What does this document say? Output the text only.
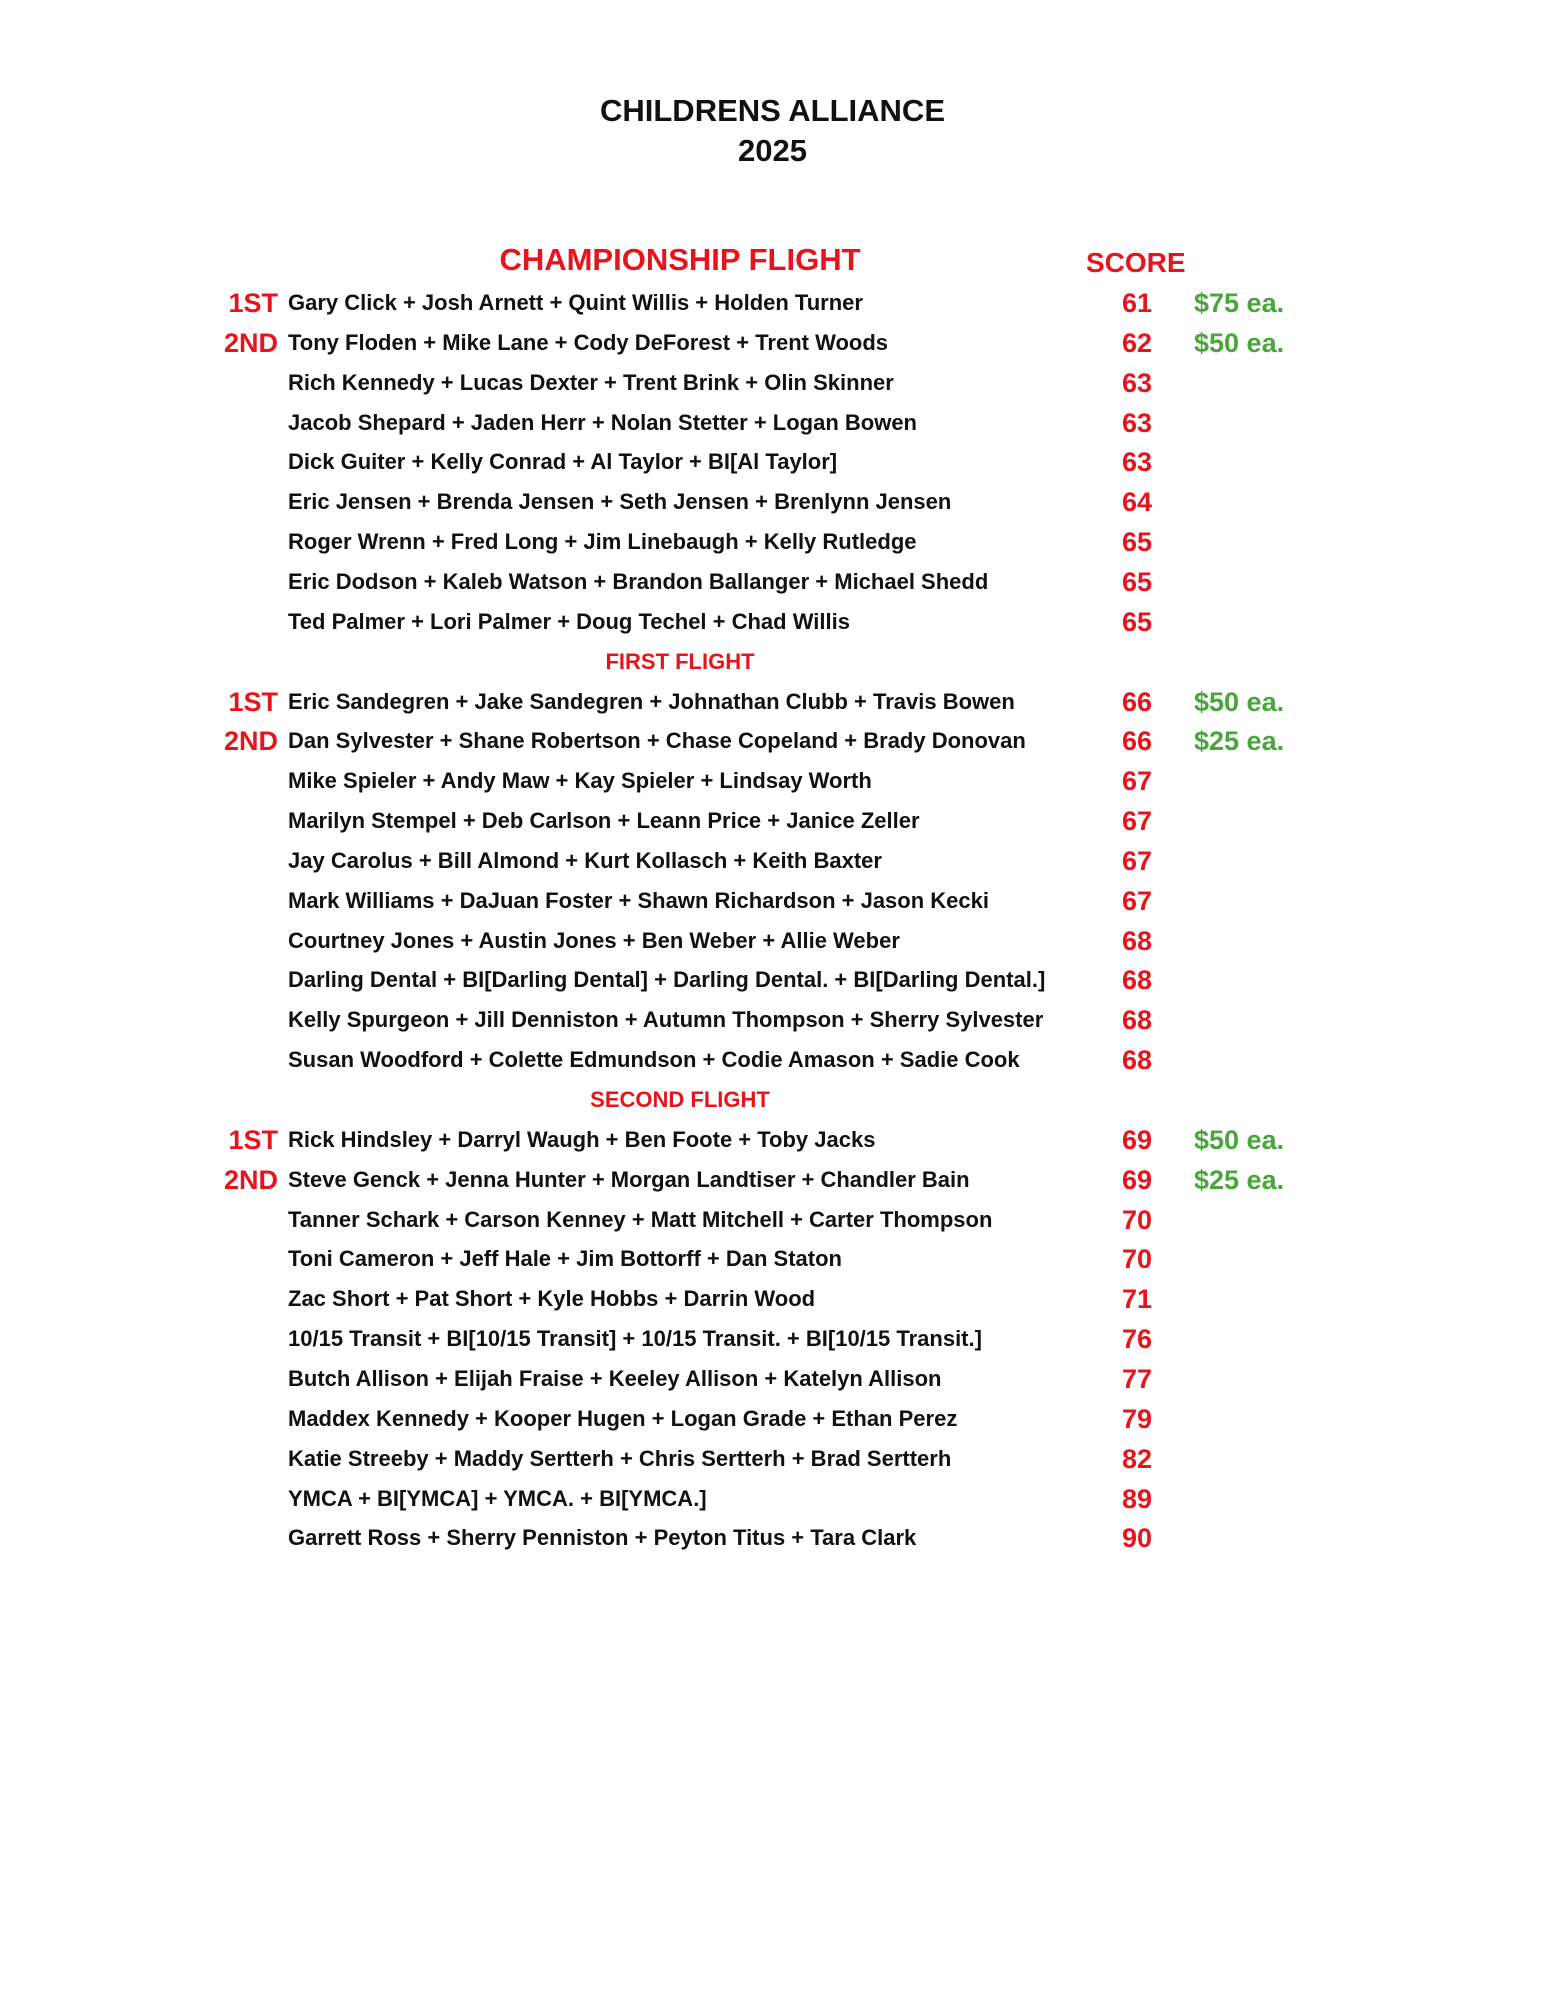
CHILDRENS ALLIANCE
2025
CHAMPIONSHIP FLIGHT	SCORE
1ST Gary Click + Josh Arnett + Quint Willis + Holden Turner	61	$75 ea.
2ND Tony Floden + Mike Lane + Cody DeForest + Trent Woods	62	$50 ea.
Rich Kennedy + Lucas Dexter + Trent Brink + Olin Skinner	63
Jacob Shepard + Jaden Herr + Nolan Stetter + Logan Bowen	63
Dick Guiter + Kelly Conrad + Al Taylor + BI[Al Taylor]	63
Eric Jensen + Brenda Jensen + Seth Jensen + Brenlynn Jensen	64
Roger Wrenn + Fred Long + Jim Linebaugh + Kelly Rutledge	65
Eric Dodson + Kaleb Watson + Brandon Ballanger + Michael Shedd	65
Ted Palmer + Lori Palmer + Doug Techel + Chad Willis	65
FIRST FLIGHT
1ST Eric Sandegren + Jake Sandegren + Johnathan Clubb + Travis Bowen	66	$50 ea.
2ND Dan Sylvester + Shane Robertson + Chase Copeland + Brady Donovan	66	$25 ea.
Mike Spieler + Andy Maw + Kay Spieler + Lindsay Worth	67
Marilyn Stempel + Deb Carlson + Leann Price + Janice Zeller	67
Jay Carolus + Bill Almond + Kurt Kollasch + Keith Baxter	67
Mark Williams + DaJuan Foster + Shawn Richardson + Jason Kecki	67
Courtney Jones + Austin Jones + Ben Weber + Allie Weber	68
Darling Dental + BI[Darling Dental] + Darling Dental. + BI[Darling Dental.]	68
Kelly Spurgeon + Jill Denniston + Autumn Thompson + Sherry Sylvester	68
Susan Woodford + Colette Edmundson + Codie Amason + Sadie Cook	68
SECOND FLIGHT
1ST Rick Hindsley + Darryl Waugh + Ben Foote + Toby Jacks	69	$50 ea.
2ND Steve Genck + Jenna Hunter + Morgan Landtiser + Chandler Bain	69	$25 ea.
Tanner Schark + Carson Kenney + Matt Mitchell + Carter Thompson	70
Toni Cameron + Jeff Hale + Jim Bottorff + Dan Staton	70
Zac Short + Pat Short + Kyle Hobbs + Darrin Wood	71
10/15 Transit + BI[10/15 Transit] + 10/15 Transit. + BI[10/15 Transit.]	76
Butch Allison + Elijah Fraise + Keeley Allison + Katelyn Allison	77
Maddex Kennedy + Kooper Hugen + Logan Grade + Ethan Perez	79
Katie Streeby + Maddy Sertterh + Chris Sertterh + Brad Sertterh	82
YMCA + BI[YMCA] + YMCA. + BI[YMCA.]	89
Garrett Ross + Sherry Penniston + Peyton Titus + Tara Clark	90
